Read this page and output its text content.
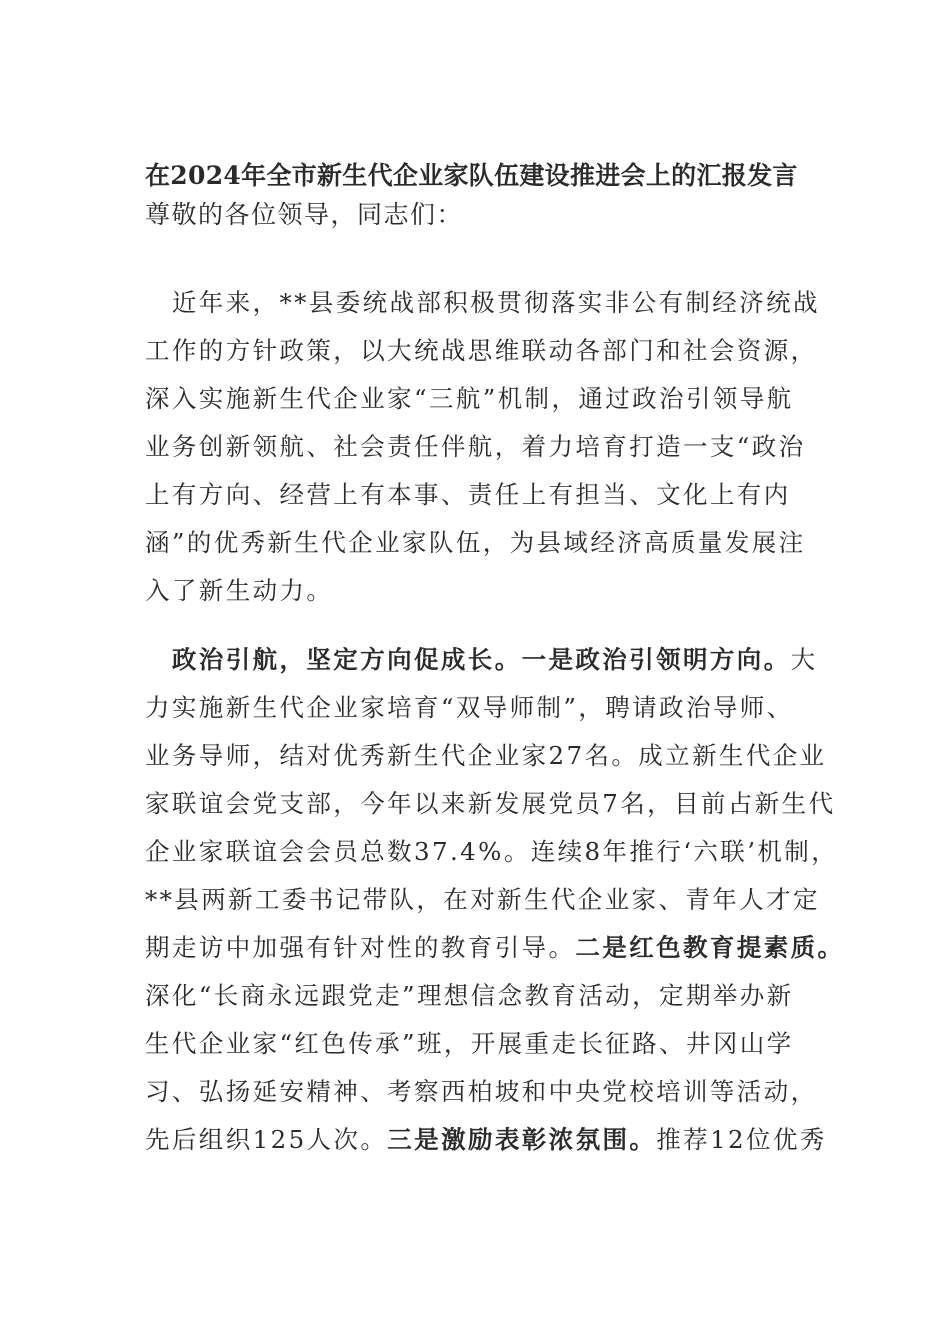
在2024年全市新生代企业家队伍建设推进会上的汇报发言
尊敬的各位领导，同志们：
　近年来，**县委统战部积极贯彻落实非公有制经济统战
工作的方针政策，以大统战思维联动各部门和社会资源，
深入实施新生代企业家“三航”机制，通过政治引领导航
业务创新领航、社会责任伴航，着力培育打造一支“政治
上有方向、经营上有本事、责任上有担当、文化上有内
涵”的优秀新生代企业家队伍，为县域经济高质量发展注
入了新生动力。
　政治引航，坚定方向促成长。一是政治引领明方向。大
力实施新生代企业家培育“双导师制”，聘请政治导师、
业务导师，结对优秀新生代企业家27名。成立新生代企业
家联谊会党支部，今年以来新发展党员7名，目前占新生代
企业家联谊会会员总数37.4%。连续8年推行‘六联’机制，
**县两新工委书记带队，在对新生代企业家、青年人才定
期走访中加强有针对性的教育引导。二是红色教育提素质。
深化“长商永远跟党走”理想信念教育活动，定期举办新
生代企业家“红色传承”班，开展重走长征路、井冈山学
习、弘扬延安精神、考察西柏坡和中央党校培训等活动，
先后组织125人次。三是激励表彰浓氛围。推荐12位优秀
